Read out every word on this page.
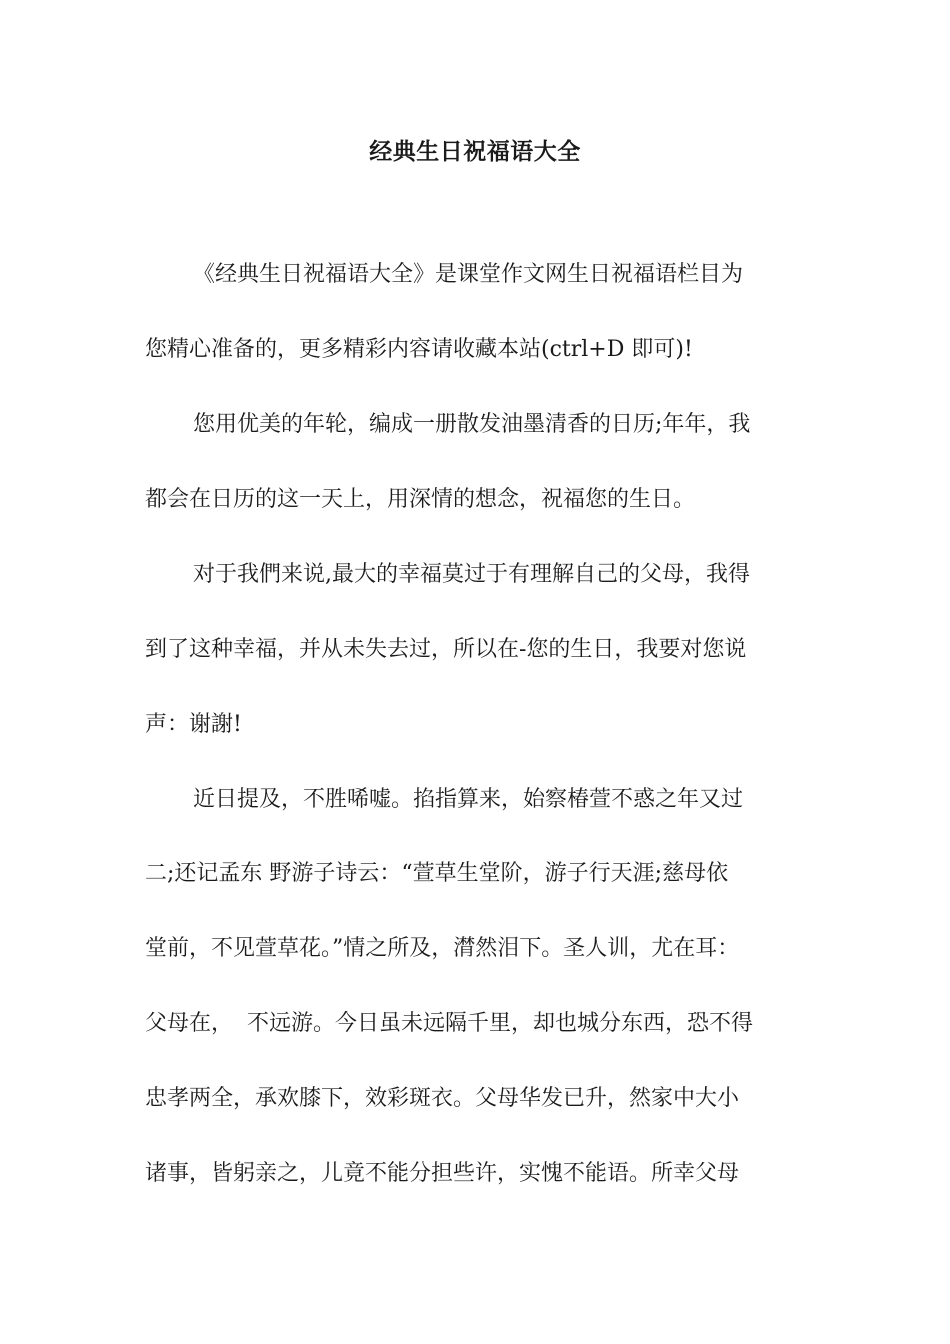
经典生日祝福语大全
《经典生日祝福语大全》是课堂作文网生日祝福语栏目为
您精心准备的，更多精彩内容请收藏本站(ctrl+D 即可)!
您用优美的年轮，编成一册散发油墨清香的日历;年年，我
都会在日历的这一天上，用深情的想念，祝福您的生日。
对于我們来说,最大的幸福莫过于有理解自己的父母，我得
到了这种幸福，并从未失去过，所以在-您的生日，我要对您说
声：谢謝!
近日提及，不胜唏嘘。掐指算来，始察椿萱不惑之年又过
二;还记孟东 野游子诗云：“萱草生堂阶，游子行天涯;慈母依
堂前，不见萱草花。”情之所及，潸然泪下。圣人训，尤在耳：
父母在，  不远游。今日虽未远隔千里，却也城分东西，恐不得
忠孝两全，承欢膝下，效彩斑衣。父母华发已升，然家中大小
诸事，皆躬亲之，儿竟不能分担些许，实愧不能语。所幸父母
